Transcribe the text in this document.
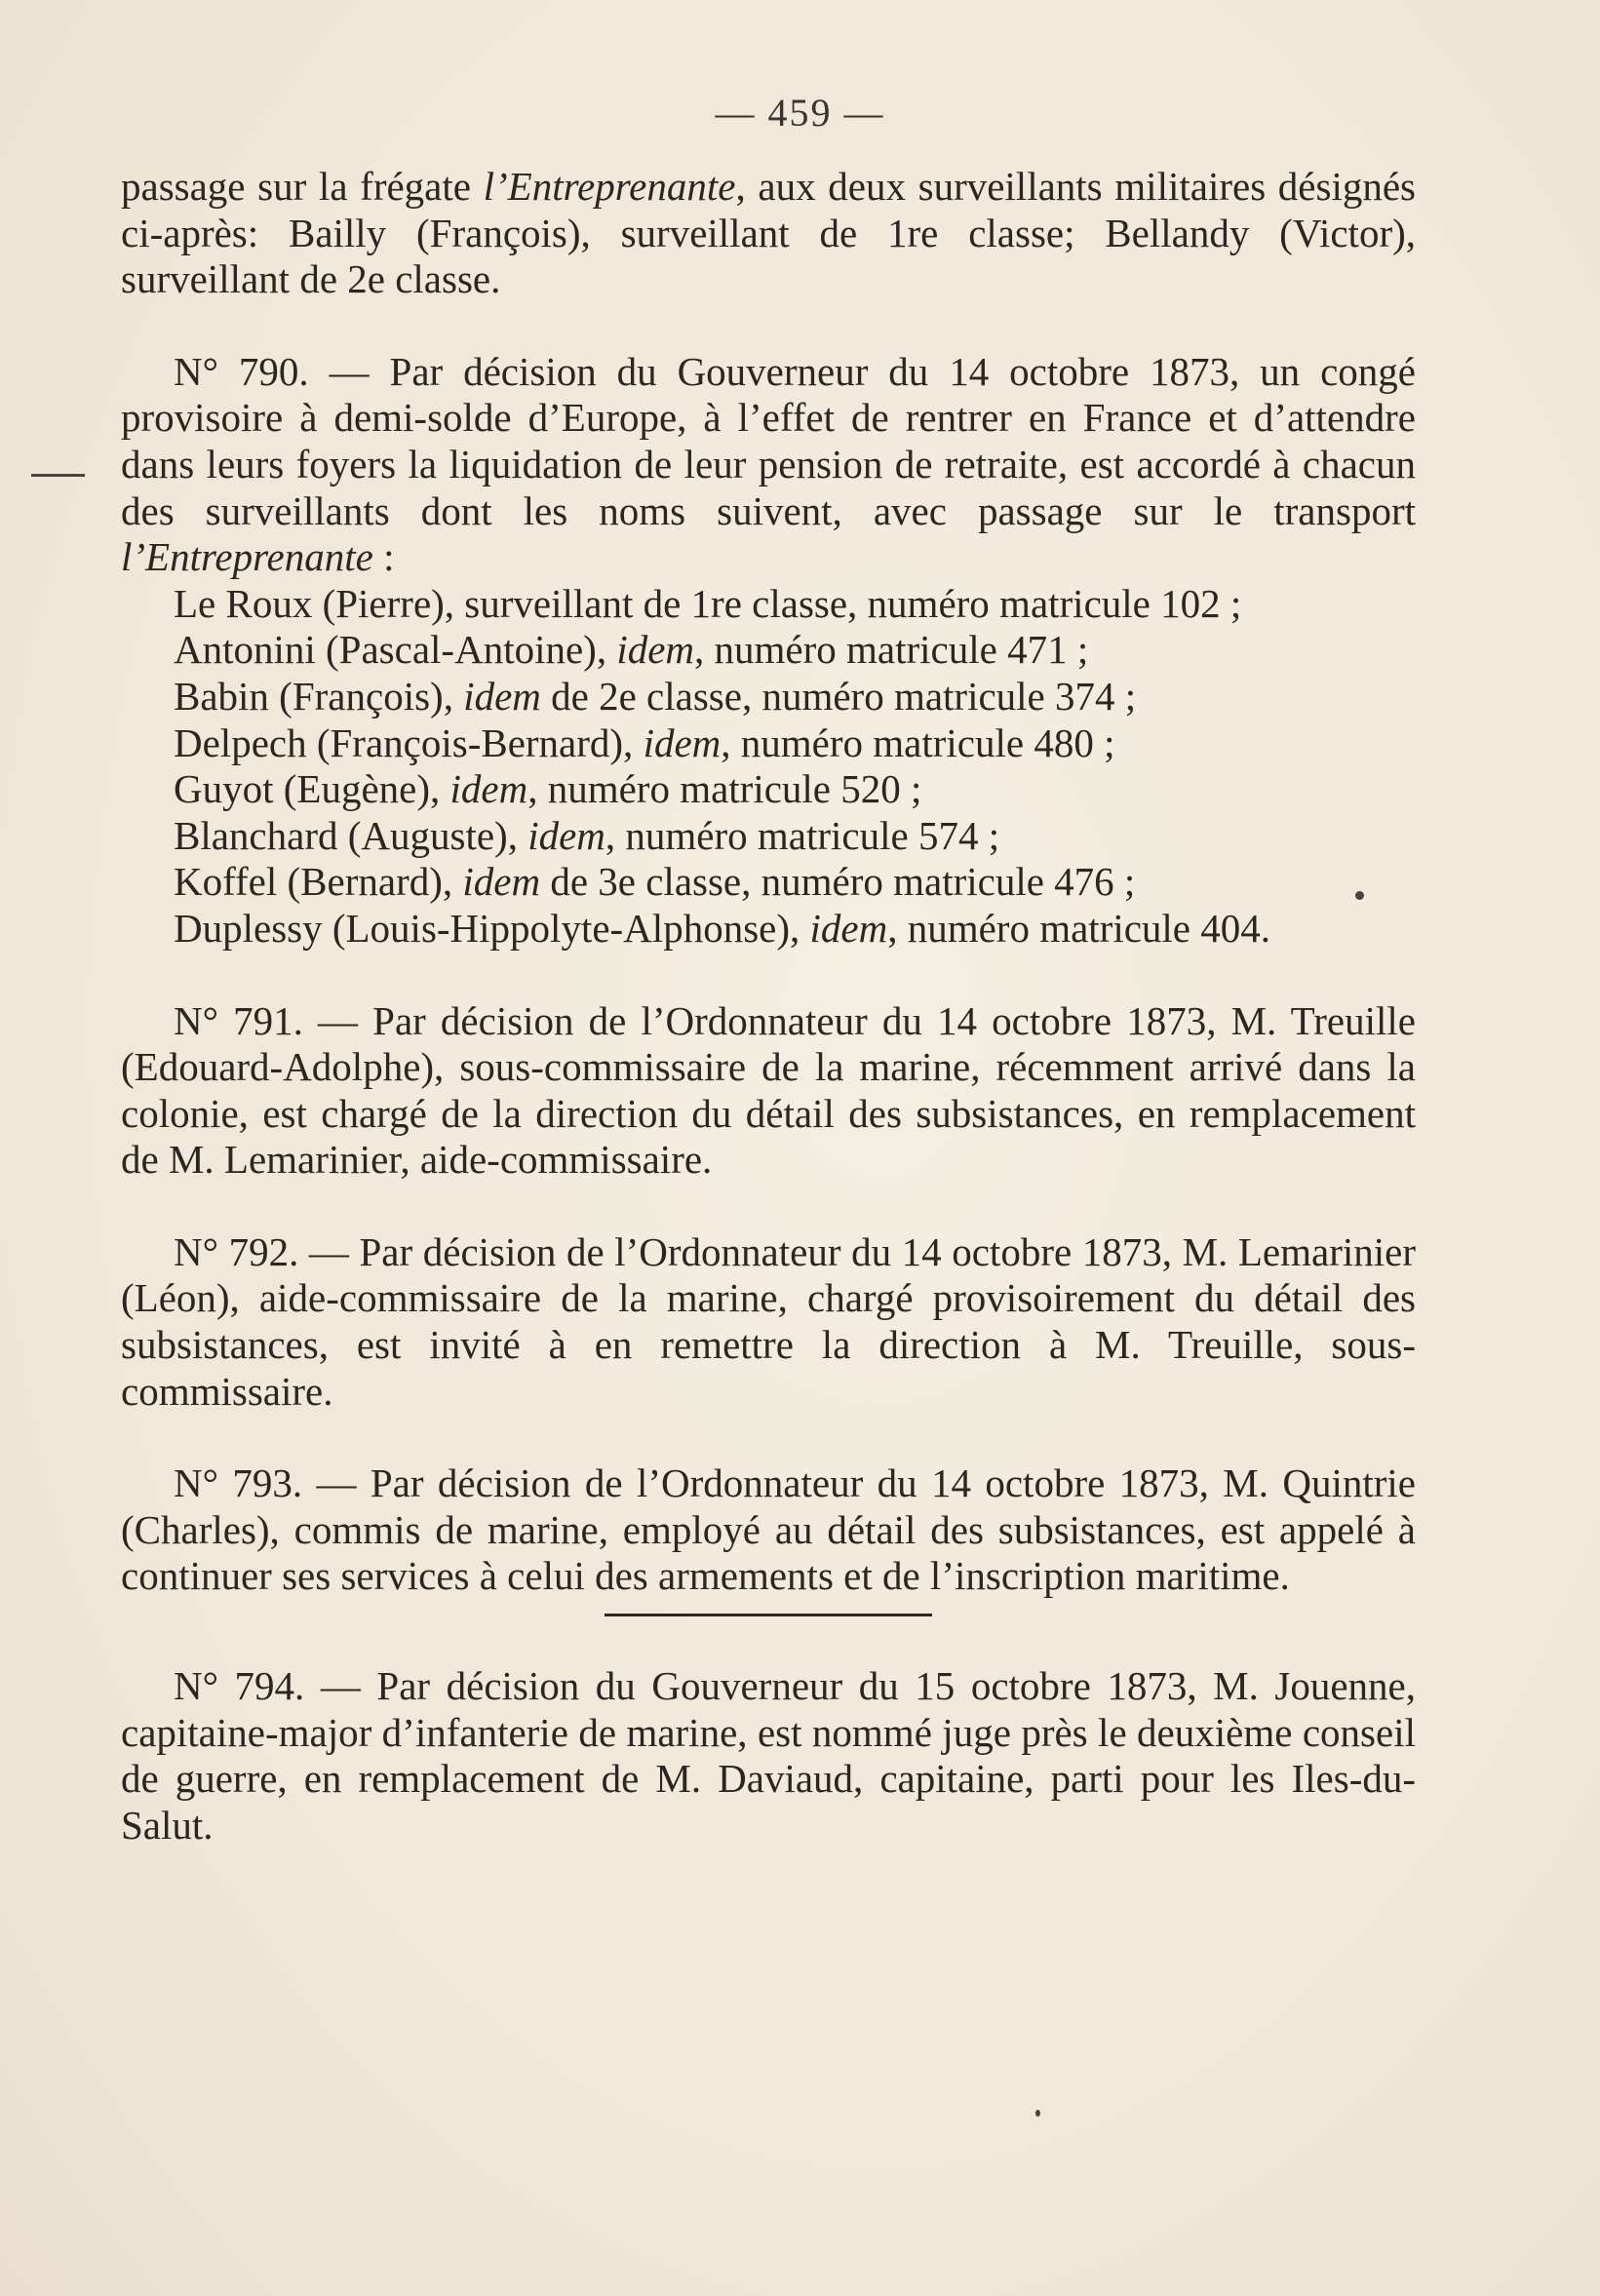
— 459 —

passage sur la frégate l’Entreprenante, aux deux surveillants militaires désignés ci-après: Bailly (François), surveillant de 1re classe; Bellandy (Victor), surveillant de 2e classe.

N° 790. — Par décision du Gouverneur du 14 octobre 1873, un congé provisoire à demi-solde d’Europe, à l’effet de rentrer en France et d’attendre dans leurs foyers la liquidation de leur pension de retraite, est accordé à chacun des surveillants dont les noms suivent, avec passage sur le transport l’Entreprenante :

Le Roux (Pierre), surveillant de 1re classe, numéro matricule 102 ;

Antonini (Pascal-Antoine), idem, numéro matricule 471 ;

Babin (François), idem de 2e classe, numéro matricule 374 ;

Delpech (François-Bernard), idem, numéro matricule 480 ;

Guyot (Eugène), idem, numéro matricule 520 ;

Blanchard (Auguste), idem, numéro matricule 574 ;

Koffel (Bernard), idem de 3e classe, numéro matricule 476 ;

Duplessy (Louis-Hippolyte-Alphonse), idem, numéro matricule 404.

N° 791. — Par décision de l’Ordonnateur du 14 octobre 1873, M. Treuille (Edouard-Adolphe), sous-commissaire de la marine, récemment arrivé dans la colonie, est chargé de la direction du détail des subsistances, en remplacement de M. Lemarinier, aide-commissaire.

N° 792. — Par décision de l’Ordonnateur du 14 octobre 1873, M. Lemarinier (Léon), aide-commissaire de la marine, chargé provisoirement du détail des subsistances, est invité à en remettre la direction à M. Treuille, sous-commissaire.

N° 793. — Par décision de l’Ordonnateur du 14 octobre 1873, M. Quintrie (Charles), commis de marine, employé au détail des subsistances, est appelé à continuer ses services à celui des armements et de l’inscription maritime.

N° 794. — Par décision du Gouverneur du 15 octobre 1873, M. Jouenne, capitaine-major d’infanterie de marine, est nommé juge près le deuxième conseil de guerre, en remplacement de M. Daviaud, capitaine, parti pour les Iles-du-Salut.
